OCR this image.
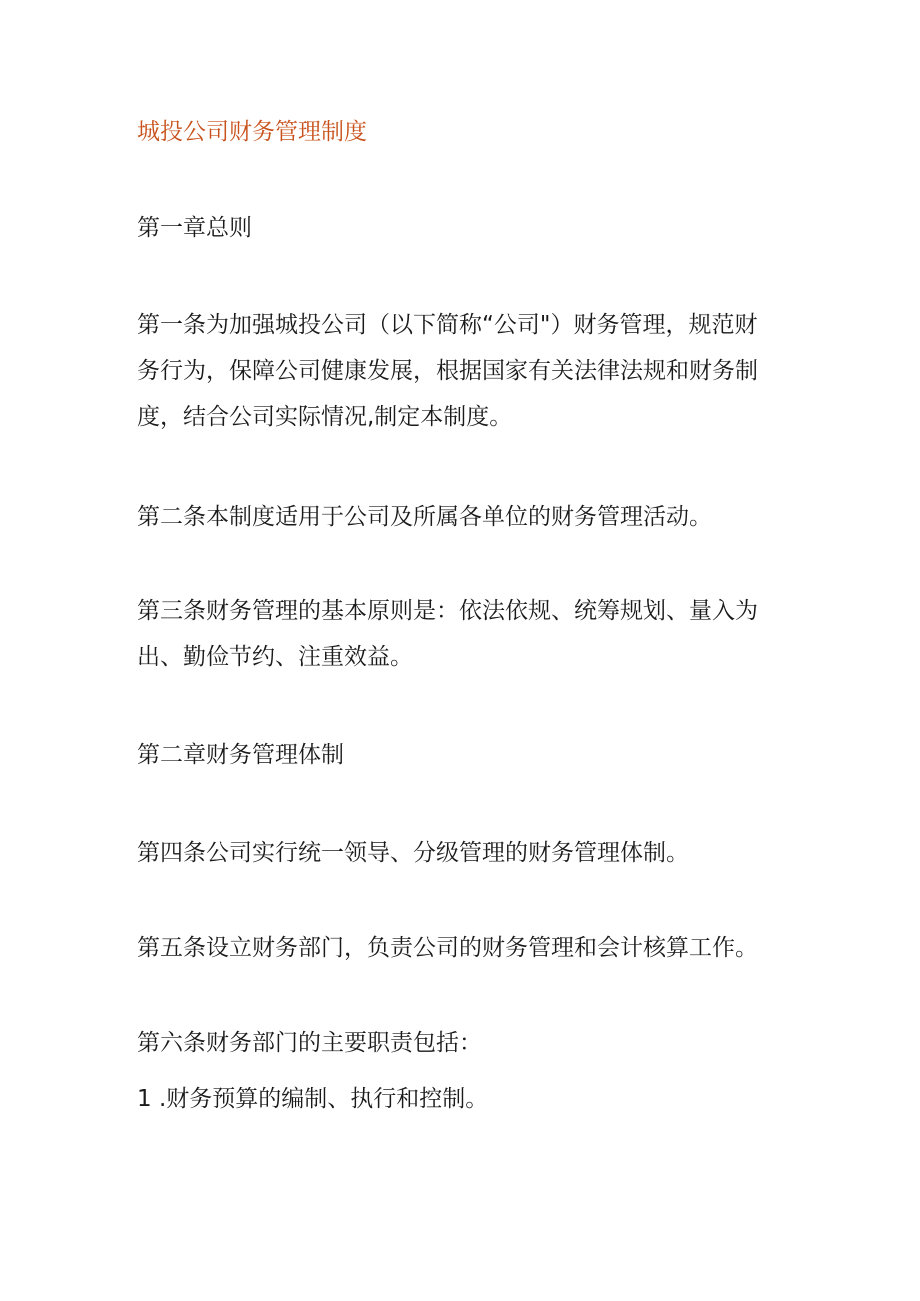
城投公司财务管理制度
第一章总则

第一条为加强城投公司（以下简称“公司"）财务管理，规范财
务行为，保障公司健康发展，根据国家有关法律法规和财务制
度，结合公司实际情况,制定本制度。

第二条本制度适用于公司及所属各单位的财务管理活动。

第三条财务管理的基本原则是：依法依规、统筹规划、量入为
出、勤俭节约、注重效益。

第二章财务管理体制

第四条公司实行统一领导、分级管理的财务管理体制。

第五条设立财务部门，负责公司的财务管理和会计核算工作。

第六条财务部门的主要职责包括：

1 .财务预算的编制、执行和控制。
